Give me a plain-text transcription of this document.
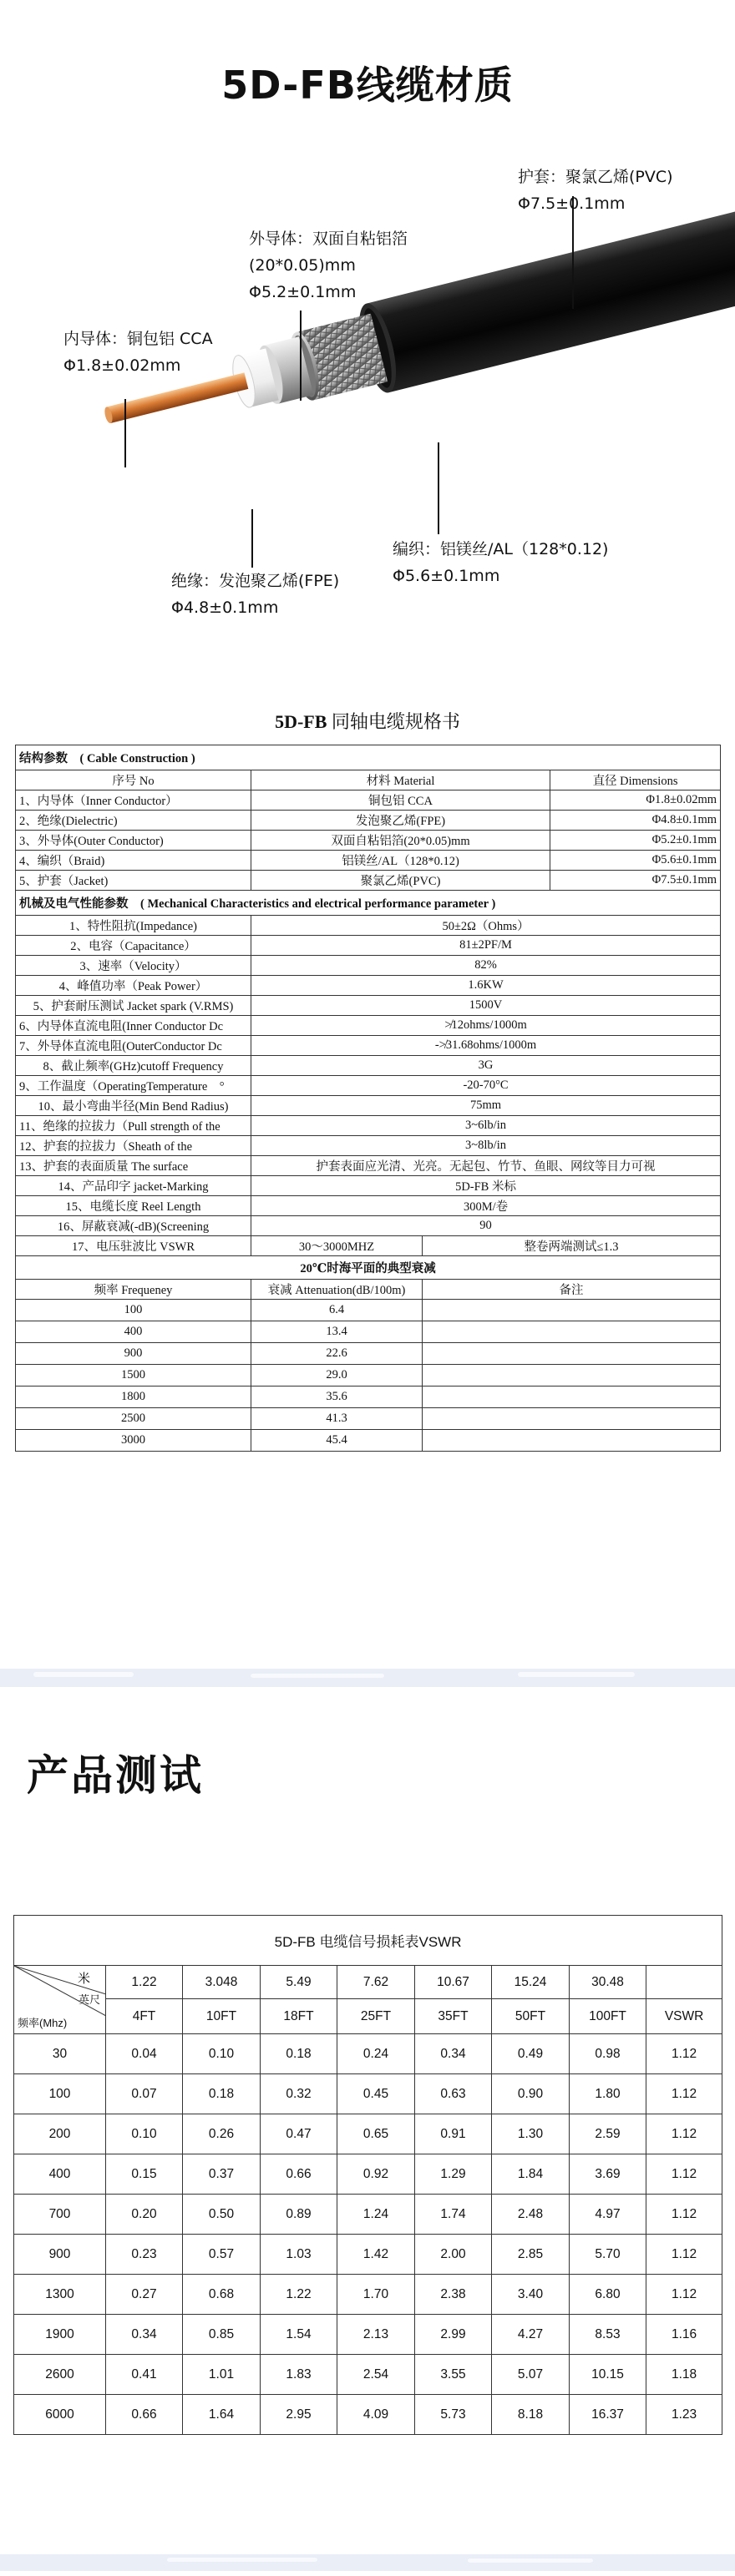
5D-FB线缆材质
护套：聚氯乙烯(PVC)
Φ7.5±0.1mm
外导体：双面自粘铝箔
(20*0.05)mm
Φ5.2±0.1mm
内导体：铜包铝 CCA
Φ1.8±0.02mm
编织：铝镁丝/AL（128*0.12)
Φ5.6±0.1mm
绝缘：发泡聚乙烯(FPE)
Φ4.8±0.1mm
5D-FB 同轴电缆规格书
结构参数　( Cable Construction )			
序号 No	材料 Material		直径 Dimensions
1、内导体（Inner Conductor）	铜包铝 CCA		Φ1.8±0.02mm
2、绝缘(Dielectric)	发泡聚乙烯(FPE)		Φ4.8±0.1mm
3、外导体(Outer Conductor)	双面自粘铝箔(20*0.05)mm		Φ5.2±0.1mm
4、编织（Braid)	铝镁丝/AL（128*0.12)		Φ5.6±0.1mm
5、护套（Jacket)	聚氯乙烯(PVC)		Φ7.5±0.1mm
机械及电气性能参数　( Mechanical Characteristics and electrical performance parameter )			
1、特性阻抗(Impedance)	50±2Ω（Ohms）		
2、电容（Capacitance）	81±2PF/M		
3、速率（Velocity）	82%		
4、峰值功率（Peak Power）	1.6KW		
5、护套耐压测试 Jacket spark (V.RMS)	1500V		
6、内导体直流电阻(Inner Conductor Dc	≯12ohms/1000m		
7、外导体直流电阻(OuterConductor Dc	-≯31.68ohms/1000m		
8、截止频率(GHz)cutoff Frequency	3G		
9、工作温度（OperatingTemperature　°	-20-70°C		
10、最小弯曲半径(Min Bend Radius)	75mm		
11、绝缘的拉拔力（Pull strength of the	3~6lb/in		
12、护套的拉拔力（Sheath of the	3~8lb/in		
13、护套的表面质量 The surface	护套表面应光清、光亮。无起包、竹节、鱼眼、网纹等目力可视		
14、产品印字 jacket-Marking	5D-FB 米标		
15、电缆长度 Reel Length	300M/卷		
16、屏蔽衰减(-dB)(Screening	90		
17、电压驻波比 VSWR	30～3000MHZ	整卷两端测试≤1.3	
20℃时海平面的典型衰减			
频率 Frequeney	衰减 Attenuation(dB/100m)	备注	
100	6.4		
400	13.4		
900	22.6		
1500	29.0		
1800	35.6		
2500	41.3		
3000	45.4		
产品测试
5D-FB 电缆信号损耗表VSWR								

米
英尺
频率(Mhz)	1.22	3.048	5.49	7.62	10.67	15.24	30.48	
	4FT	10FT	18FT	25FT	35FT	50FT	100FT	VSWR
30	0.04	0.10	0.18	0.24	0.34	0.49	0.98	1.12
100	0.07	0.18	0.32	0.45	0.63	0.90	1.80	1.12
200	0.10	0.26	0.47	0.65	0.91	1.30	2.59	1.12
400	0.15	0.37	0.66	0.92	1.29	1.84	3.69	1.12
700	0.20	0.50	0.89	1.24	1.74	2.48	4.97	1.12
900	0.23	0.57	1.03	1.42	2.00	2.85	5.70	1.12
1300	0.27	0.68	1.22	1.70	2.38	3.40	6.80	1.12
1900	0.34	0.85	1.54	2.13	2.99	4.27	8.53	1.16
2600	0.41	1.01	1.83	2.54	3.55	5.07	10.15	1.18
6000	0.66	1.64	2.95	4.09	5.73	8.18	16.37	1.23
